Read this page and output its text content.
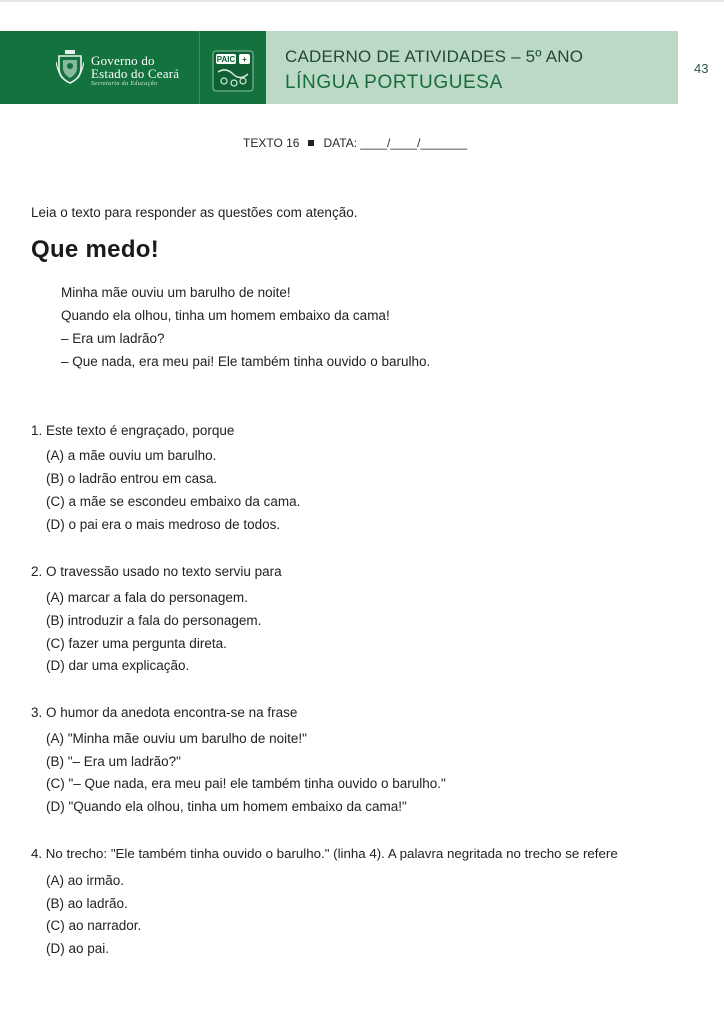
Governo do
Estado do Ceará
Secretaria da Educação
PAIC + CADERNO DE ATIVIDADES – 5º ANO
LÍNGUA PORTUGUESA
43
TEXTO 16 DATA: ____/____/_______
Leia o texto para responder as questões com atenção.
Que medo!
Minha mãe ouviu um barulho de noite!
Quando ela olhou, tinha um homem embaixo da cama!
– Era um ladrão?
– Que nada, era meu pai! Ele também tinha ouvido o barulho.
1. Este texto é engraçado, porque
(A) a mãe ouviu um barulho.
(B) o ladrão entrou em casa.
(C) a mãe se escondeu embaixo da cama.
(D) o pai era o mais medroso de todos.
2. O travessão usado no texto serviu para
(A) marcar a fala do personagem.
(B) introduzir a fala do personagem.
(C) fazer uma pergunta direta.
(D) dar uma explicação.
3. O humor da anedota encontra-se na frase
(A) "Minha mãe ouviu um barulho de noite!"
(B) "– Era um ladrão?"
(C) "– Que nada, era meu pai! ele também tinha ouvido o barulho."
(D) "Quando ela olhou, tinha um homem embaixo da cama!"
4. No trecho: "Ele também tinha ouvido o barulho." (linha 4). A palavra negritada no trecho se refere
(A) ao irmão.
(B) ao ladrão.
(C) ao narrador.
(D) ao pai.
